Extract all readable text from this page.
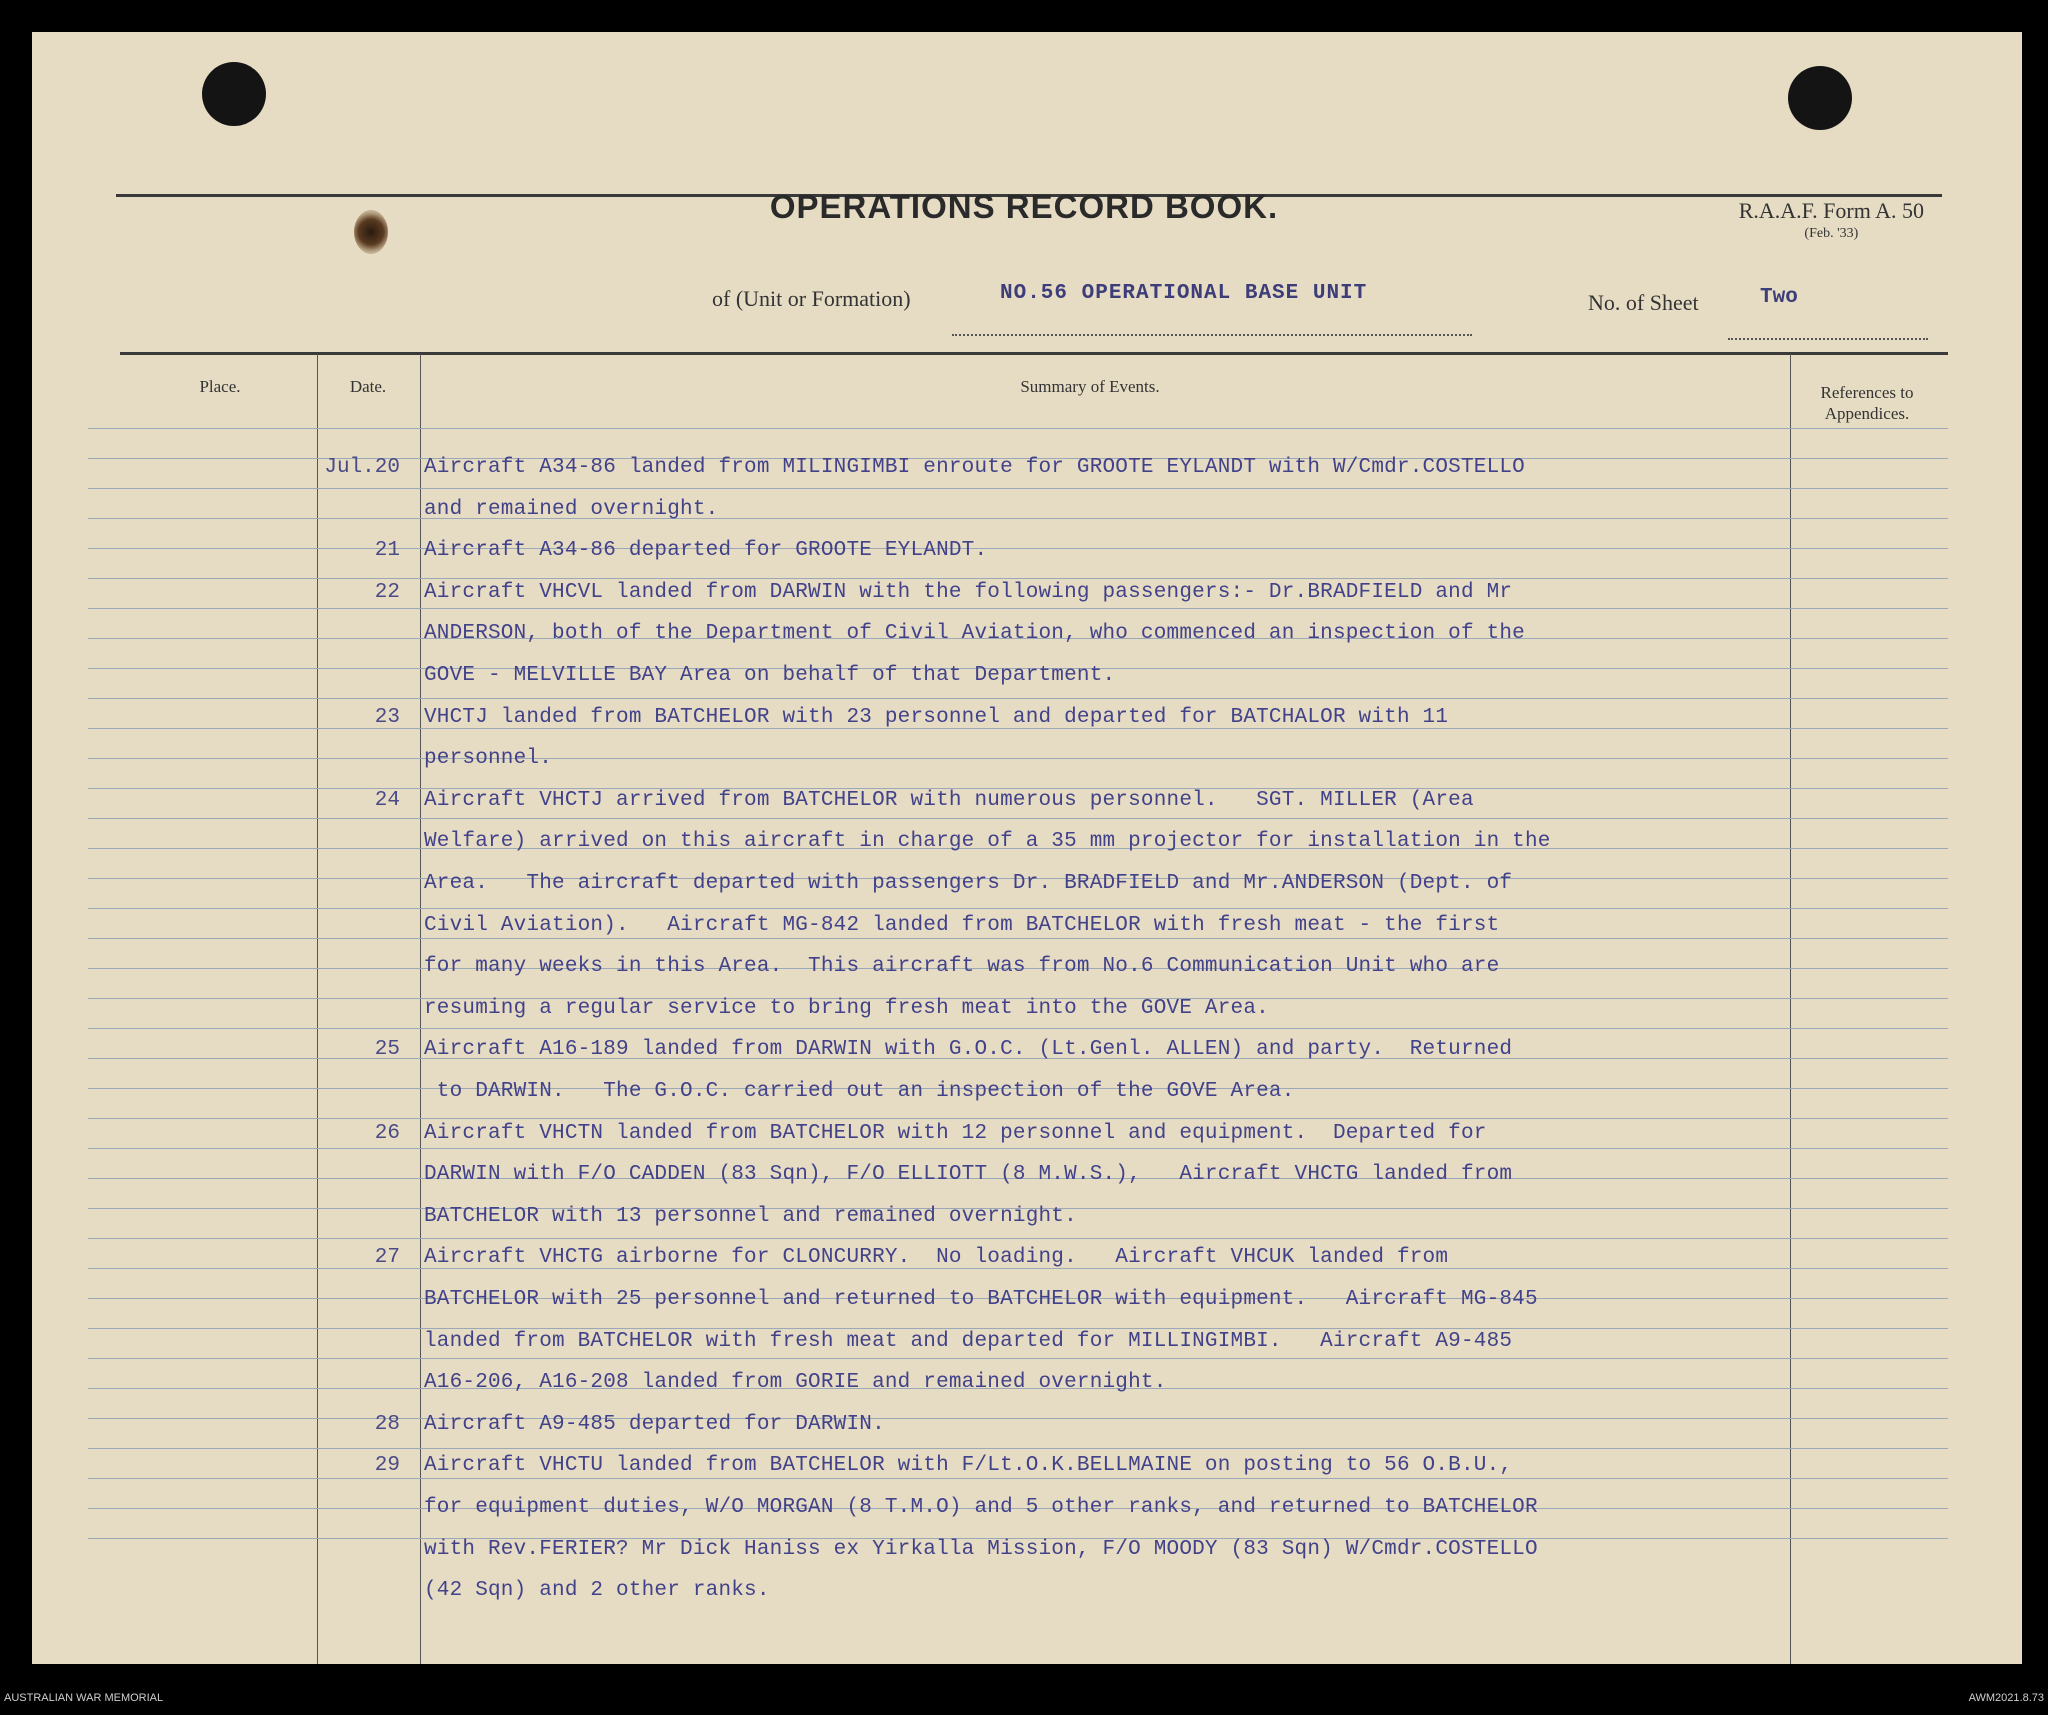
OPERATIONS RECORD BOOK.	R.A.A.F. Form A. 50
(Feb. '33)
of (Unit or Formation)	NO.56 OPERATIONAL BASE UNIT	No. of Sheet	Two
Place.	Date.	Summary of Events.	References to
Appendices.
Jul.20 Aircraft A34-86 landed from MILINGIMBI enroute for GROOTE EYLANDT with W/Cmdr.COSTELLO
and remained overnight.
21 Aircraft A34-86 departed for GROOTE EYLANDT.
22 Aircraft VHCVL landed from DARWIN with the following passengers:- Dr.BRADFIELD and Mr
ANDERSON, both of the Department of Civil Aviation, who commenced an inspection of the
GOVE - MELVILLE BAY Area on behalf of that Department.
23 VHCTJ landed from BATCHELOR with 23 personnel and departed for BATCHALOR with 11
personnel.
24 Aircraft VHCTJ arrived from BATCHELOR with numerous personnel.   SGT. MILLER (Area
Welfare) arrived on this aircraft in charge of a 35 mm projector for installation in the
Area.   The aircraft departed with passengers Dr. BRADFIELD and Mr.ANDERSON (Dept. of
Civil Aviation).   Aircraft MG-842 landed from BATCHELOR with fresh meat - the first
for many weeks in this Area.  This aircraft was from No.6 Communication Unit who are
resuming a regular service to bring fresh meat into the GOVE Area.
25 Aircraft A16-189 landed from DARWIN with G.O.C. (Lt.Genl. ALLEN) and party.  Returned
to DARWIN.   The G.O.C. carried out an inspection of the GOVE Area.
26 Aircraft VHCTN landed from BATCHELOR with 12 personnel and equipment.  Departed for
DARWIN with F/O CADDEN (83 Sqn), F/O ELLIOTT (8 M.W.S.),   Aircraft VHCTG landed from
BATCHELOR with 13 personnel and remained overnight.
27 Aircraft VHCTG airborne for CLONCURRY.  No loading.   Aircraft VHCUK landed from
BATCHELOR with 25 personnel and returned to BATCHELOR with equipment.   Aircraft MG-845
landed from BATCHELOR with fresh meat and departed for MILLINGIMBI.   Aircraft A9-485
A16-206, A16-208 landed from GORIE and remained overnight.
28 Aircraft A9-485 departed for DARWIN.
29 Aircraft VHCTU landed from BATCHELOR with F/Lt.O.K.BELLMAINE on posting to 56 O.B.U.,
for equipment duties, W/O MORGAN (8 T.M.O) and 5 other ranks, and returned to BATCHELOR
with Rev.FERIER? Mr Dick Haniss ex Yirkalla Mission, F/O MOODY (83 Sqn) W/Cmdr.COSTELLO
(42 Sqn) and 2 other ranks.
AUSTRALIAN WAR MEMORIAL	AWM2021.8.73
